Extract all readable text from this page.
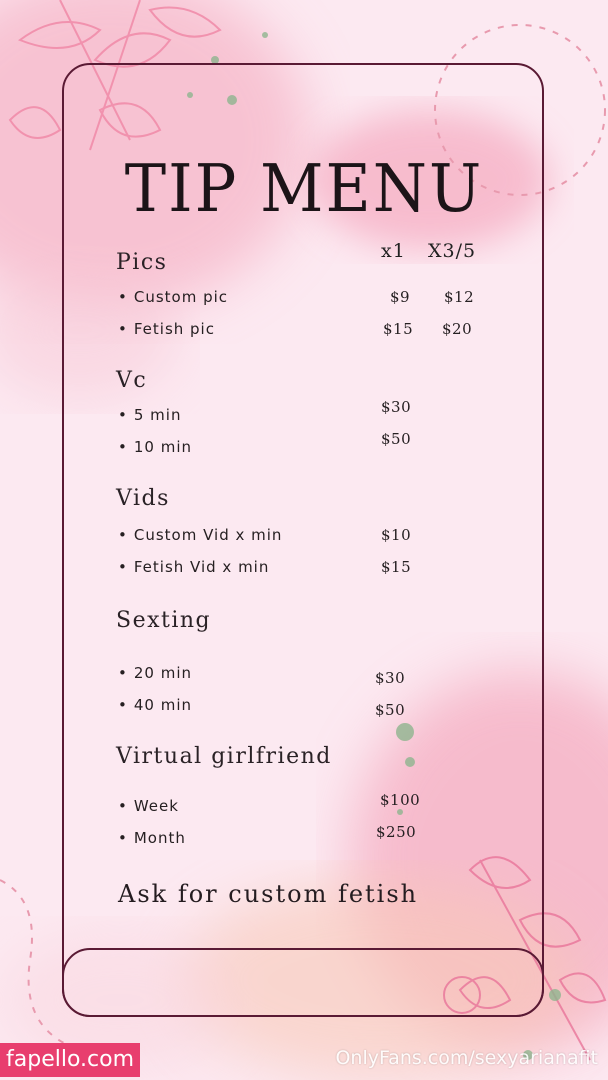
TIP MENU
x1 X3/5
Pics
• Custom pic	$9 $12
• Fetish pic	$15 $20
Vc
• 5 min	$30
• 10 min	$50
Vids
• Custom Vid x min	$10
• Fetish Vid x min	$15
Sexting
• 20 min	$30
• 40 min	$50
Virtual girlfriend
• Week	$100
• Month	$250
Ask for custom fetish
fapello.com	OnlyFans.com/sexyarianafit
